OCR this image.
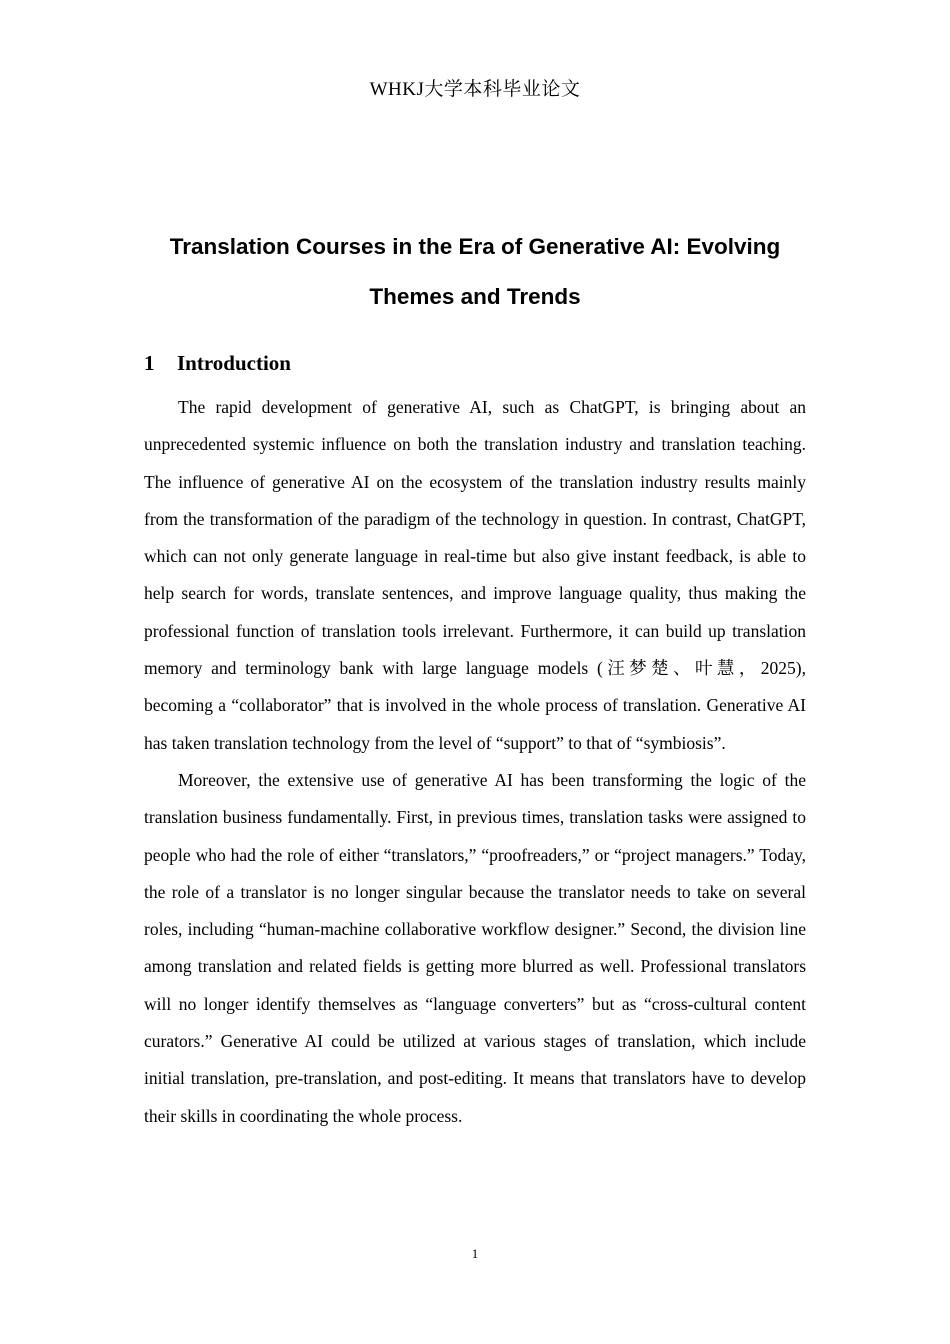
WHKJ大学本科毕业论文
Translation Courses in the Era of Generative AI: Evolving Themes and Trends
1 Introduction

The rapid development of generative AI, such as ChatGPT, is bringing about an unprecedented systemic influence on both the translation industry and translation teaching. The influence of generative AI on the ecosystem of the translation industry results mainly from the transformation of the paradigm of the technology in question. In contrast, ChatGPT, which can not only generate language in real-time but also give instant feedback, is able to help search for words, translate sentences, and improve language quality, thus making the professional function of translation tools irrelevant. Furthermore, it can build up translation memory and terminology bank with large language models (汪梦楚、叶慧，2025), becoming a “collaborator” that is involved in the whole process of translation. Generative AI has taken translation technology from the level of “support” to that of “symbiosis”.

Moreover, the extensive use of generative AI has been transforming the logic of the translation business fundamentally. First, in previous times, translation tasks were assigned to people who had the role of either “translators,” “proofreaders,” or “project managers.” Today, the role of a translator is no longer singular because the translator needs to take on several roles, including “human-machine collaborative workflow designer.” Second, the division line among translation and related fields is getting more blurred as well. Professional translators will no longer identify themselves as “language converters” but as “cross-cultural content curators.” Generative AI could be utilized at various stages of translation, which include initial translation, pre-translation, and post-editing. It means that translators have to develop their skills in coordinating the whole process.

1
